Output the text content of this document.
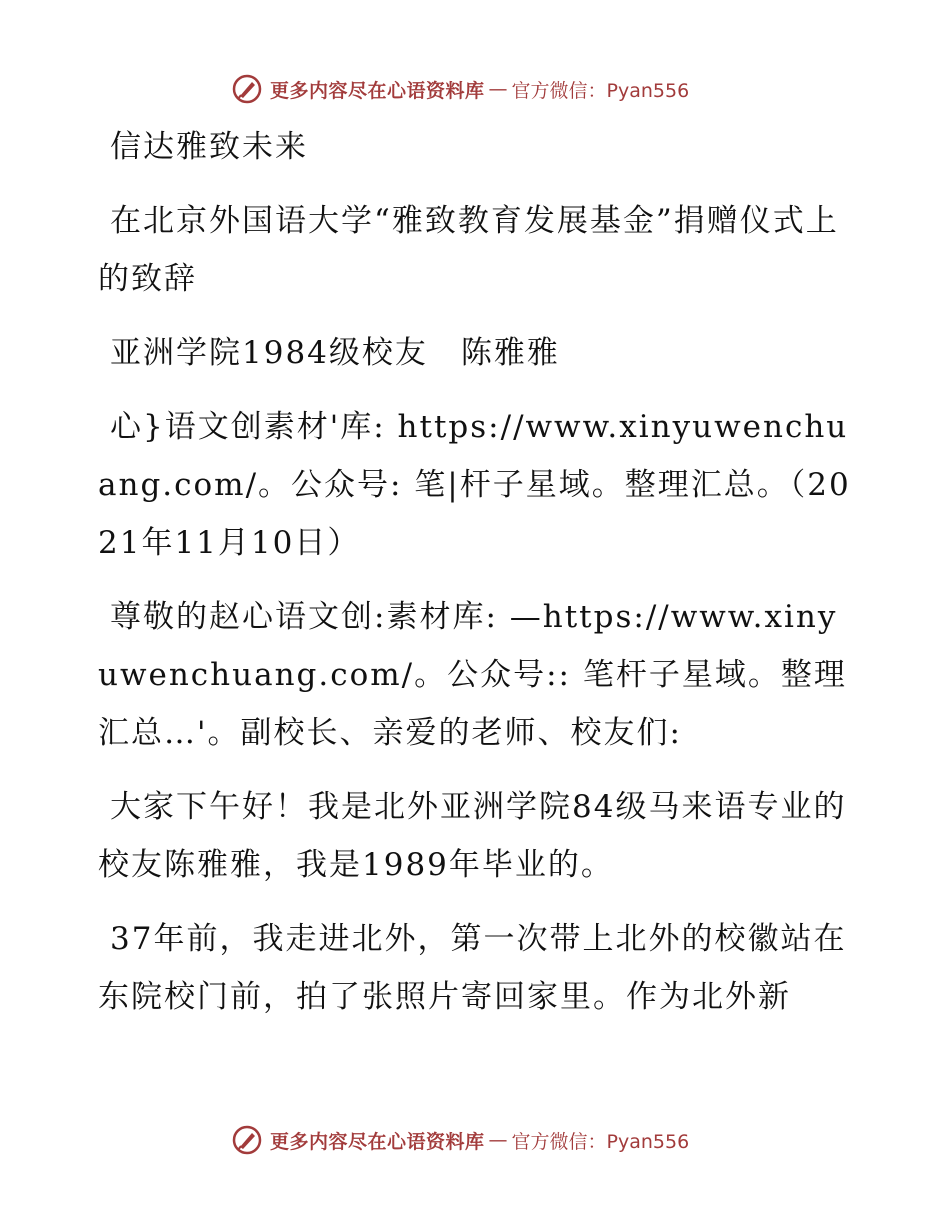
更多内容尽在心语资料库 — 官方微信：Pyan556

信达雅致未来

在北京外国语大学“雅致教育发展基金”捐赠仪式上的致辞

亚洲学院1984级校友　陈雅雅

心}语文创素材'库: https://www.xinyuwenchuang.com/。公众号: 笔|杆子星域。整理汇总。（2021年11月10日）

尊敬的赵心语文创:素材库: —https://www.xinyuwenchuang.com/。公众号:: 笔杆子星域。整理汇总…'。副校长、亲爱的老师、校友们:

大家下午好！我是北外亚洲学院84级马来语专业的校友陈雅雅，我是1989年毕业的。

37年前，我走进北外，第一次带上北外的校徽站在东院校门前，拍了张照片寄回家里。作为北外新

更多内容尽在心语资料库 — 官方微信：Pyan556
